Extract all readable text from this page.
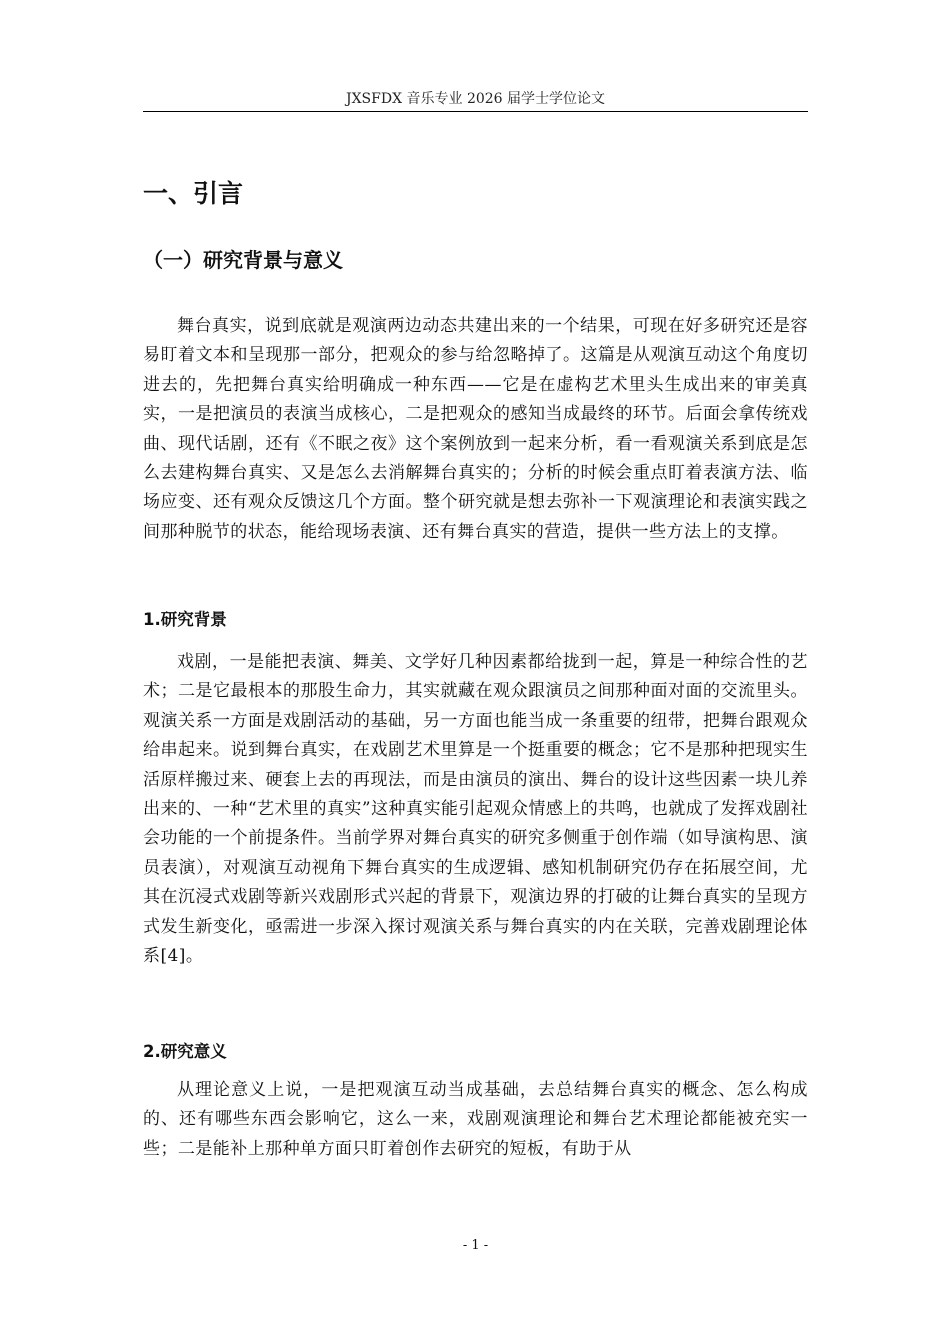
JXSFDX 音乐专业 2026 届学士学位论文
一、引言
（一）研究背景与意义

舞台真实，说到底就是观演两边动态共建出来的一个结果，可现在好多研究还是容易盯着文本和呈现那一部分，把观众的参与给忽略掉了。这篇是从观演互动这个角度切进去的，先把舞台真实给明确成一种东西——它是在虚构艺术里头生成出来的审美真实，一是把演员的表演当成核心，二是把观众的感知当成最终的环节。后面会拿传统戏曲、现代话剧，还有《不眠之夜》这个案例放到一起来分析，看一看观演关系到底是怎么去建构舞台真实、又是怎么去消解舞台真实的；分析的时候会重点盯着表演方法、临场应变、还有观众反馈这几个方面。整个研究就是想去弥补一下观演理论和表演实践之间那种脱节的状态，能给现场表演、还有舞台真实的营造，提供一些方法上的支撑。

1.研究背景

戏剧，一是能把表演、舞美、文学好几种因素都给拢到一起，算是一种综合性的艺术；二是它最根本的那股生命力，其实就藏在观众跟演员之间那种面对面的交流里头。观演关系一方面是戏剧活动的基础，另一方面也能当成一条重要的纽带，把舞台跟观众给串起来。说到舞台真实，在戏剧艺术里算是一个挺重要的概念；它不是那种把现实生活原样搬过来、硬套上去的再现法，而是由演员的演出、舞台的设计这些因素一块儿养出来的、一种“艺术里的真实”这种真实能引起观众情感上的共鸣，也就成了发挥戏剧社会功能的一个前提条件。当前学界对舞台真实的研究多侧重于创作端（如导演构思、演员表演），对观演互动视角下舞台真实的生成逻辑、感知机制研究仍存在拓展空间，尤其在沉浸式戏剧等新兴戏剧形式兴起的背景下，观演边界的打破的让舞台真实的呈现方式发生新变化，亟需进一步深入探讨观演关系与舞台真实的内在关联，完善戏剧理论体系[4]。

2.研究意义

从理论意义上说，一是把观演互动当成基础，去总结舞台真实的概念、怎么构成的、还有哪些东西会影响它，这么一来，戏剧观演理论和舞台艺术理论都能被充实一些；二是能补上那种单方面只盯着创作去研究的短板，有助于从

- 1 -
